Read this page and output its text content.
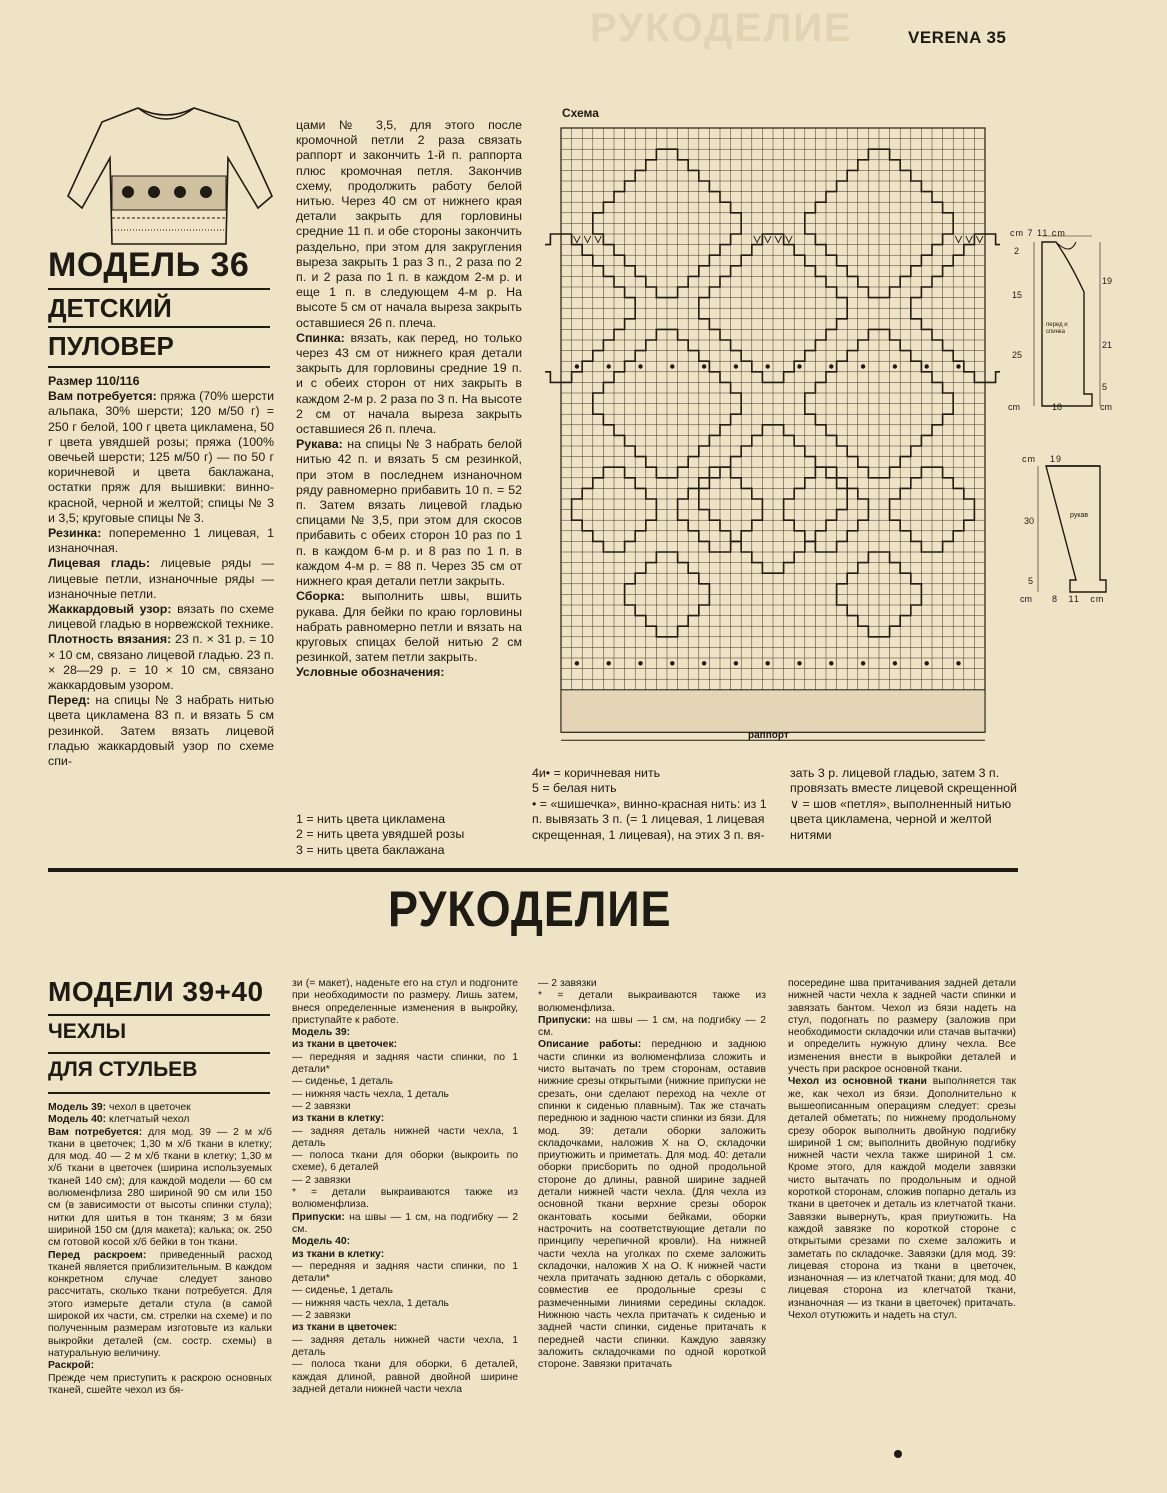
РУКОДЕЛИЕ	VERENA 35
МОДЕЛЬ 36
ДЕТСКИЙ
ПУЛОВЕР

Размер 110/116

Вам потребуется: пряжа (70% шерсти альпака, 30% шерсти; 120 м/50 г) = 250 г белой, 100 г цвета цикламена, 50 г цвета увядшей розы; пряжа (100% овечьей шерсти; 125 м/50 г) — по 50 г коричневой и цвета баклажана, остатки пряж для вышивки: винно-красной, черной и желтой; спицы № 3 и 3,5; круговые спицы № 3.

Резинка: попеременно 1 лицевая, 1 изнаночная.

Лицевая гладь: лицевые ряды — лицевые петли, изнаночные ряды — изнаночные петли.

Жаккардовый узор: вязать по схеме лицевой гладью в норвежской технике.

Плотность вязания: 23 п. × 31 р. = 10 × 10 см, связано лицевой гладью. 23 п. × 28—29 р. = 10 × 10 см, связано жаккардовым узором.

Перед: на спицы № 3 набрать нитью цвета цикламена 83 п. и вязать 5 см резинкой. Затем вязать лицевой гладью жаккардовый узор по схеме спи-

цами № 3,5, для этого после кромочной петли 2 раза связать раппорт и закончить 1-й п. раппорта плюс кромочная петля. Закончив схему, продолжить работу белой нитью. Через 40 см от нижнего края детали закрыть для горловины средние 11 п. и обе стороны закончить раздельно, при этом для закругления выреза закрыть 1 раз 3 п., 2 раза по 2 п. и 2 раза по 1 п. в каждом 2-м р. и еще 1 п. в следующем 4-м р. На высоте 5 см от начала выреза закрыть оставшиеся 26 п. плеча.

Спинка: вязать, как перед, но только через 43 см от нижнего края детали закрыть для горловины средние 19 п. и с обеих сторон от них закрыть в каждом 2-м р. 2 раза по 3 п. На высоте 2 см от начала выреза закрыть оставшиеся 26 п. плеча.

Рукава: на спицы № 3 набрать белой нитью 42 п. и вязать 5 см резинкой, при этом в последнем изнаночном ряду равномерно прибавить 10 п. = 52 п. Затем вязать лицевой гладью спицами № 3,5, при этом для скосов прибавить с обеих сторон 10 раз по 1 п. в каждом 6-м р. и 8 раз по 1 п. в каждом 4-м р. = 88 п. Через 35 см от нижнего края детали петли закрыть.

Сборка: выполнить швы, вшить рукава. Для бейки по краю горловины набрать равномерно петли и вязать на круговых спицах белой нитью 2 см резинкой, затем петли закрыть.

Условные обозначения:

1 = нить цвета цикламена

2 = нить цвета увядшей розы

3 = нить цвета баклажана

4и• = коричневая нить

5 = белая нить

• = «шишечка», винно-красная нить: из 1 п. вывязать 3 п. (= 1 лицевая, 1 лицевая скрещенная, 1 лицевая), на этих 3 п. вя-

зать 3 р. лицевой гладью, затем 3 п. провязать вместе лицевой скрещенной

∨ = шов «петля», выполненный нитью цвета цикламена, черной и желтой нитями

Схема
раппорт
cm 7 11 cm
2
15
25
cm
19
21
5
cm
18
перед и спинка
cm 19
30
5
cm 8 11 cm
рукав
РУКОДЕЛИЕ
МОДЕЛИ 39+40
ЧЕХЛЫ
ДЛЯ СТУЛЬЕВ

Модель 39: чехол в цветочек

Модель 40: клетчатый чехол

Вам потребуется: для мод. 39 — 2 м х/б ткани в цветочек; 1,30 м х/б ткани в клетку; для мод. 40 — 2 м х/б ткани в клетку; 1,30 м х/б ткани в цветочек (ширина используемых тканей 140 см); для каждой модели — 60 см волюменфлиза 280 шириной 90 см или 150 см (в зависимости от высоты спинки стула); нитки для шитья в тон тканям; 3 м бязи шириной 150 см (для макета); калька; ок. 250 см готовой косой х/б бейки в тон ткани.

Перед раскроем: приведенный расход тканей является приблизительным. В каждом конкретном случае следует заново рассчитать, сколько ткани потребуется. Для этого измерьте детали стула (в самой широкой их части, см. стрелки на схеме) и по полученным размерам изготовьте из кальки выкройки деталей (см. состр. схемы) в натуральную величину.

Раскрой:

Прежде чем приступить к раскрою основных тканей, сшейте чехол из бя-

зи (= макет), наденьте его на стул и подгоните при необходимости по размеру. Лишь затем, внеся определенные изменения в выкройку, приступайте к работе.

Модель 39:

из ткани в цветочек:

— передняя и задняя части спинки, по 1 детали*

— сиденье, 1 деталь

— нижняя часть чехла, 1 деталь

— 2 завязки

из ткани в клетку:

— задняя деталь нижней части чехла, 1 деталь

— полоса ткани для оборки (выкроить по схеме), 6 деталей

— 2 завязки

* = детали выкраиваются также из волюменфлиза.

Припуски: на швы — 1 см, на подгибку — 2 см.

Модель 40:

из ткани в клетку:

— передняя и задняя части спинки, по 1 детали*

— сиденье, 1 деталь

— нижняя часть чехла, 1 деталь

— 2 завязки

из ткани в цветочек:

— задняя деталь нижней части чехла, 1 деталь

— полоса ткани для оборки, 6 деталей, каждая длиной, равной двойной ширине задней детали нижней части чехла

— 2 завязки

* = детали выкраиваются также из волюменфлиза.

Припуски: на швы — 1 см, на подгибку — 2 см.

Описание работы: переднюю и заднюю части спинки из волюменфлиза сложить и чисто вытачать по трем сторонам, оставив нижние срезы открытыми (нижние припуски не срезать, они сделают переход на чехле от спинки к сиденью плавным). Так же стачать переднюю и заднюю части спинки из бязи. Для мод. 39: детали оборки заложить складочками, наложив X на O, складочки приутюжить и приметать. Для мод. 40: детали оборки присборить по одной продольной стороне до длины, равной ширине задней детали нижней части чехла. (Для чехла из основной ткани верхние срезы оборок окантовать косыми бейками, оборки настрочить на соответствующие детали по принципу черепичной кровли). На нижней части чехла на уголках по схеме заложить складочки, наложив X на O. К нижней части чехла притачать заднюю деталь с оборками, совместив ее продольные срезы с размеченными линиями середины складок. Нижнюю часть чехла притачать к сиденью и задней части спинки, сиденье притачать к передней части спинки. Каждую завязку заложить складочками по одной короткой стороне. Завязки притачать

посередине шва притачивания задней детали нижней части чехла к задней части спинки и завязать бантом. Чехол из бязи надеть на стул, подогнать по размеру (заложив при необходимости складочки или стачав вытачки) и определить нужную длину чехла. Все изменения внести в выкройки деталей и учесть при раскрое основной ткани.

Чехол из основной ткани выполняется так же, как чехол из бязи. Дополнительно к вышеописанным операциям следует: срезы деталей обметать; по нижнему продольному срезу оборок выполнить двойную подгибку шириной 1 см; выполнить двойную подгибку нижней части чехла также шириной 1 см. Кроме этого, для каждой модели завязки чисто вытачать по продольным и одной короткой сторонам, сложив попарно деталь из ткани в цветочек и деталь из клетчатой ткани. Завязки вывернуть, края приутюжить. На каждой завязке по короткой стороне с открытыми срезами по схеме заложить и заметать по складочке. Завязки (для мод. 39: лицевая сторона из ткани в цветочек, изнаночная — из клетчатой ткани; для мод. 40 лицевая сторона из клетчатой ткани, изнаночная — из ткани в цветочек) притачать. Чехол отутюжить и надеть на стул.
